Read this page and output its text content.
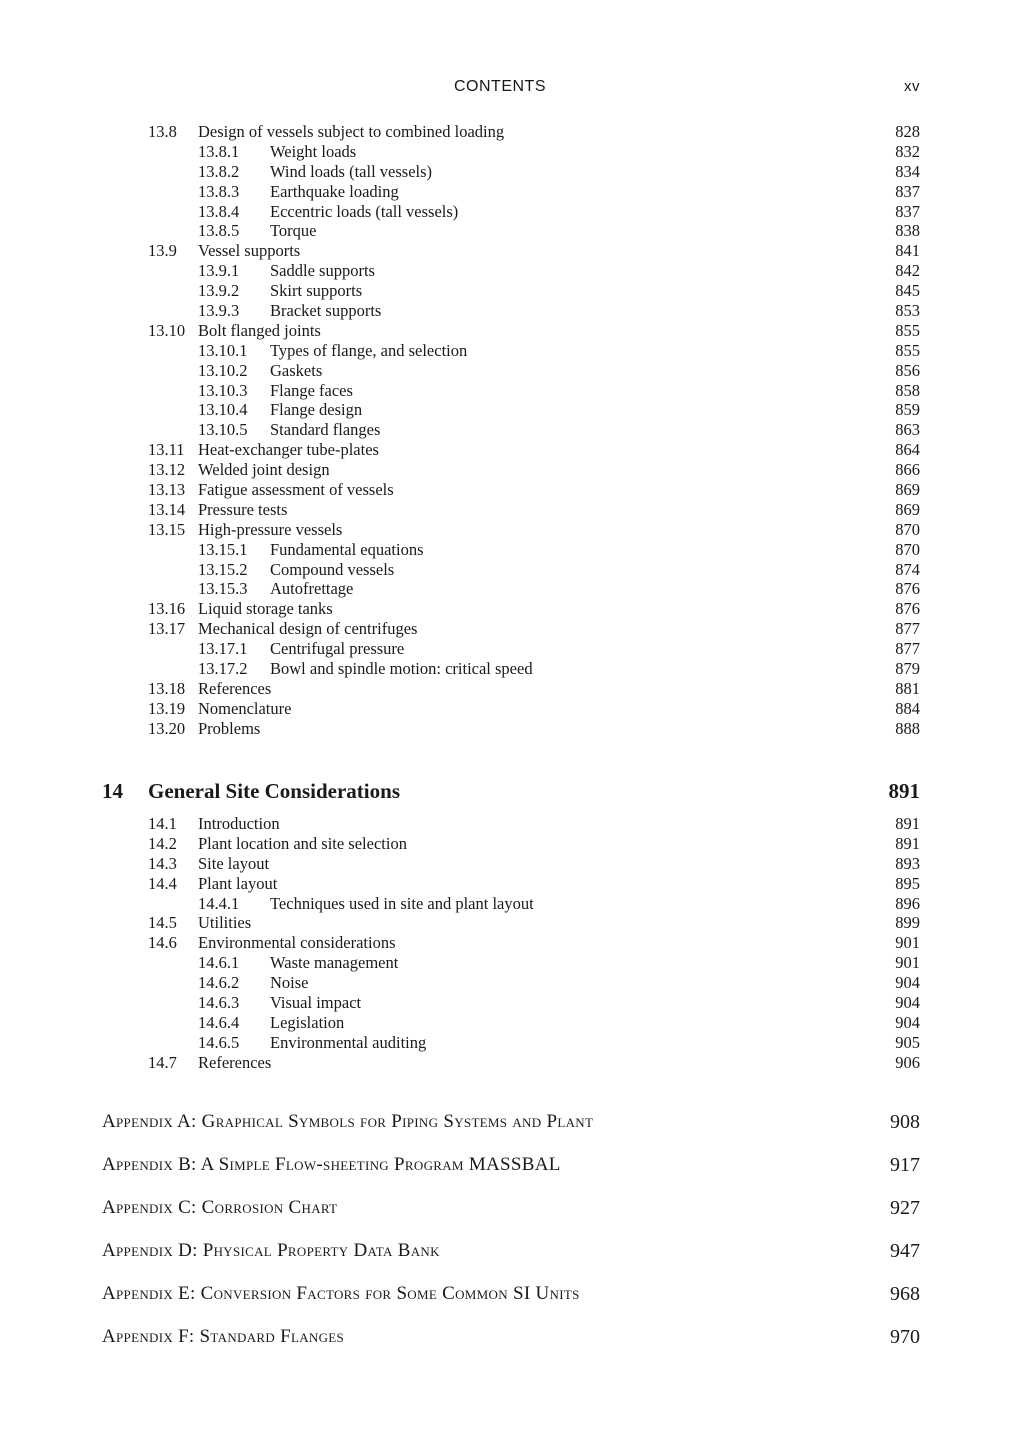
CONTENTS	xv
13.8 Design of vessels subject to combined loading	828
13.8.1 Weight loads	832
13.8.2 Wind loads (tall vessels)	834
13.8.3 Earthquake loading	837
13.8.4 Eccentric loads (tall vessels)	837
13.8.5 Torque	838
13.9 Vessel supports	841
13.9.1 Saddle supports	842
13.9.2 Skirt supports	845
13.9.3 Bracket supports	853
13.10 Bolt flanged joints	855
13.10.1 Types of flange, and selection	855
13.10.2 Gaskets	856
13.10.3 Flange faces	858
13.10.4 Flange design	859
13.10.5 Standard flanges	863
13.11 Heat-exchanger tube-plates	864
13.12 Welded joint design	866
13.13 Fatigue assessment of vessels	869
13.14 Pressure tests	869
13.15 High-pressure vessels	870
13.15.1 Fundamental equations	870
13.15.2 Compound vessels	874
13.15.3 Autofrettage	876
13.16 Liquid storage tanks	876
13.17 Mechanical design of centrifuges	877
13.17.1 Centrifugal pressure	877
13.17.2 Bowl and spindle motion: critical speed	879
13.18 References	881
13.19 Nomenclature	884
13.20 Problems	888
14 General Site Considerations	891
14.1 Introduction	891
14.2 Plant location and site selection	891
14.3 Site layout	893
14.4 Plant layout	895
14.4.1 Techniques used in site and plant layout	896
14.5 Utilities	899
14.6 Environmental considerations	901
14.6.1 Waste management	901
14.6.2 Noise	904
14.6.3 Visual impact	904
14.6.4 Legislation	904
14.6.5 Environmental auditing	905
14.7 References	906
Appendix A: Graphical Symbols for Piping Systems and Plant	908
Appendix B: A Simple Flow-sheeting Program MASSBAL	917
Appendix C: Corrosion Chart	927
Appendix D: Physical Property Data Bank	947
Appendix E: Conversion Factors for Some Common SI Units	968
Appendix F: Standard Flanges	970
